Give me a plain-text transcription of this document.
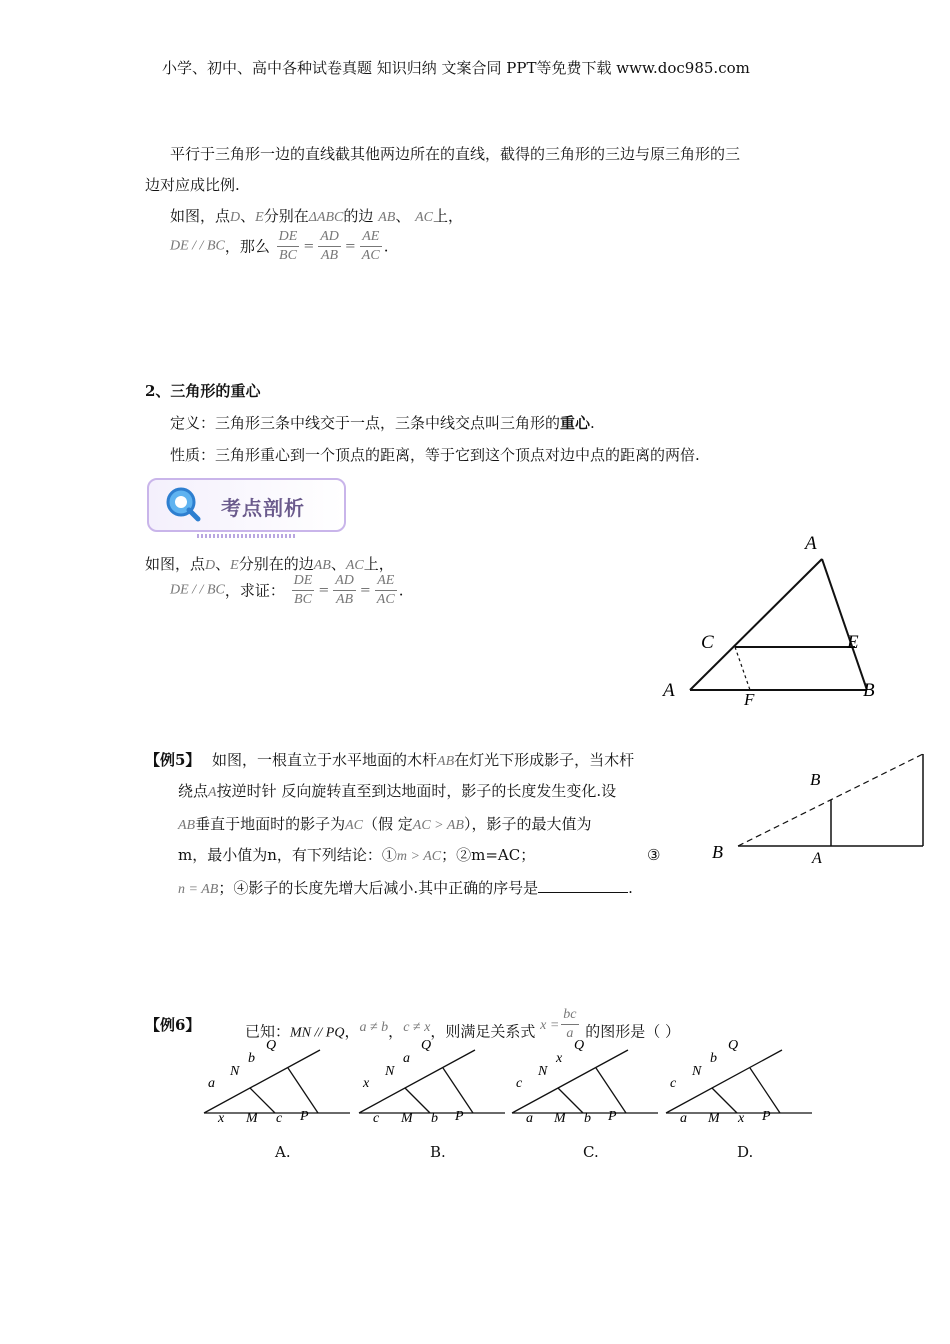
小学、初中、高中各种试卷真题 知识归纳 文案合同 PPT等免费下载 www.doc985.com
平行于三角形一边的直线截其他两边所在的直线，截得的三角形的三边与原三角形的三
边对应成比例.
如图，点D、E分别在ΔABC的边 AB、 AC上，
DE / / BC，那么 $\frac{DE}{BC} = \frac{AD}{AB} = \frac{AE}{AC}$ .
2、三角形的重心
定义：三角形三条中线交于一点，三条中线交点叫三角形的重心.
性质：三角形重心到一个顶点的距离，等于它到这个顶点对边中点的距离的两倍.
考点剖析
如图，点D、E分别在的边AB、AC上，
DE / / BC，求证： $\frac{DE}{BC} = \frac{AD}{AB} = \frac{AE}{AC}$ .
A
A	B
C	E
F
【例5】 如图，一根直立于水平地面的木杆AB在灯光下形成影子，当木杆
绕点A按逆时针 反向旋转直至到达地面时，影子的长度发生变化.设
AB垂直于地面时的影子为AC（假 定AC > AB），影子的最大值为
m，最小值为n，有下列结论：①m > AC；②m=AC；	③
n = AB；④影子的长度先增大后减小.其中正确的序号是	.
B
B	A
【例6】	已知：MN // PQ，a ≠ b，c ≠ x，则满足关系式 $x = \frac{bc}{a}$ 的图形是（ ）
a
N
b
Q
x M c P
A.
x
N
a
Q
c M b P
B.
c
N
x
Q
a M b P
C.
c
N
b
Q
a M x P
D.
